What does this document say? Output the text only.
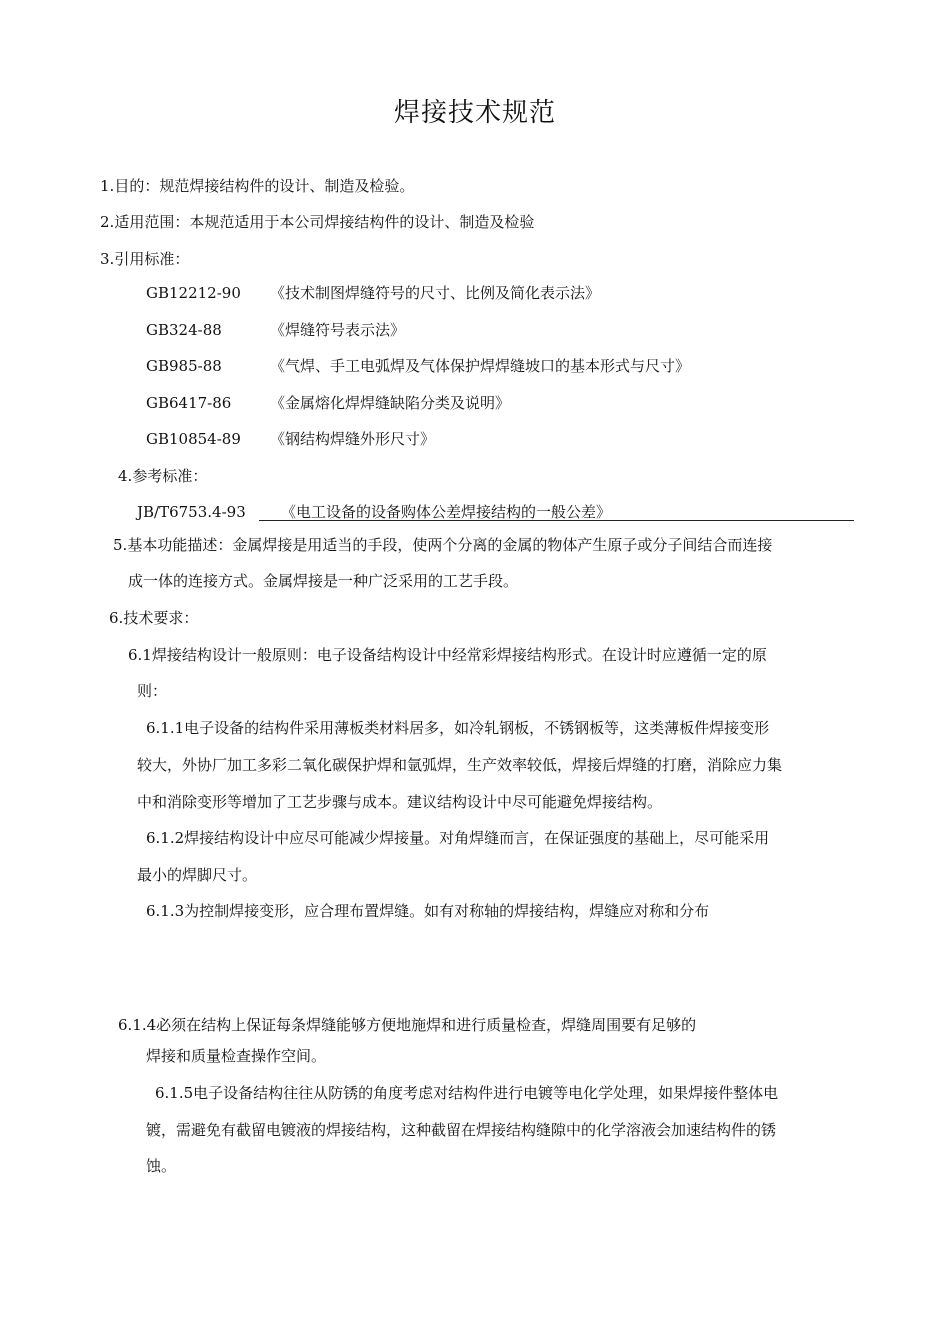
焊接技术规范
1.目的：规范焊接结构件的设计、制造及检验。
2.适用范围：本规范适用于本公司焊接结构件的设计、制造及检验
3.引用标准：
GB12212-90 《技术制图焊缝符号的尺寸、比例及简化表示法》
GB324-88	《焊缝符号表示法》
GB985-88	《气焊、手工电弧焊及气体保护焊焊缝坡口的基本形式与尺寸》
GB6417-86	《金属熔化焊焊缝缺陷分类及说明》
GB10854-89 《钢结构焊缝外形尺寸》
4.参考标准：
JB/T6753.4-93 《电工设备的设备购体公差焊接结构的一般公差》
5.基本功能描述：金属焊接是用适当的手段，使两个分离的金属的物体产生原子或分子间结合而连接
成一体的连接方式。金属焊接是一种广泛采用的工艺手段。
6.技术要求：
6.1焊接结构设计一般原则：电子设备结构设计中经常彩焊接结构形式。在设计时应遵循一定的原
则：
6.1.1电子设备的结构件采用薄板类材料居多，如冷轧钢板，不锈钢板等，这类薄板件焊接变形
较大，外协厂加工多彩二氧化碳保护焊和氩弧焊，生产效率较低，焊接后焊缝的打磨，消除应力集
中和消除变形等增加了工艺步骤与成本。建议结构设计中尽可能避免焊接结构。
6.1.2焊接结构设计中应尽可能减少焊接量。对角焊缝而言，在保证强度的基础上，尽可能采用
最小的焊脚尺寸。
6.1.3为控制焊接变形，应合理布置焊缝。如有对称轴的焊接结构，焊缝应对称和分布
6.1.4必须在结构上保证每条焊缝能够方便地施焊和进行质量检查，焊缝周围要有足够的
焊接和质量检查操作空间。
6.1.5电子设备结构往往从防锈的角度考虑对结构件进行电镀等电化学处理，如果焊接件整体电
镀，需避免有截留电镀液的焊接结构，这种截留在焊接结构缝隙中的化学溶液会加速结构件的锈
蚀。
